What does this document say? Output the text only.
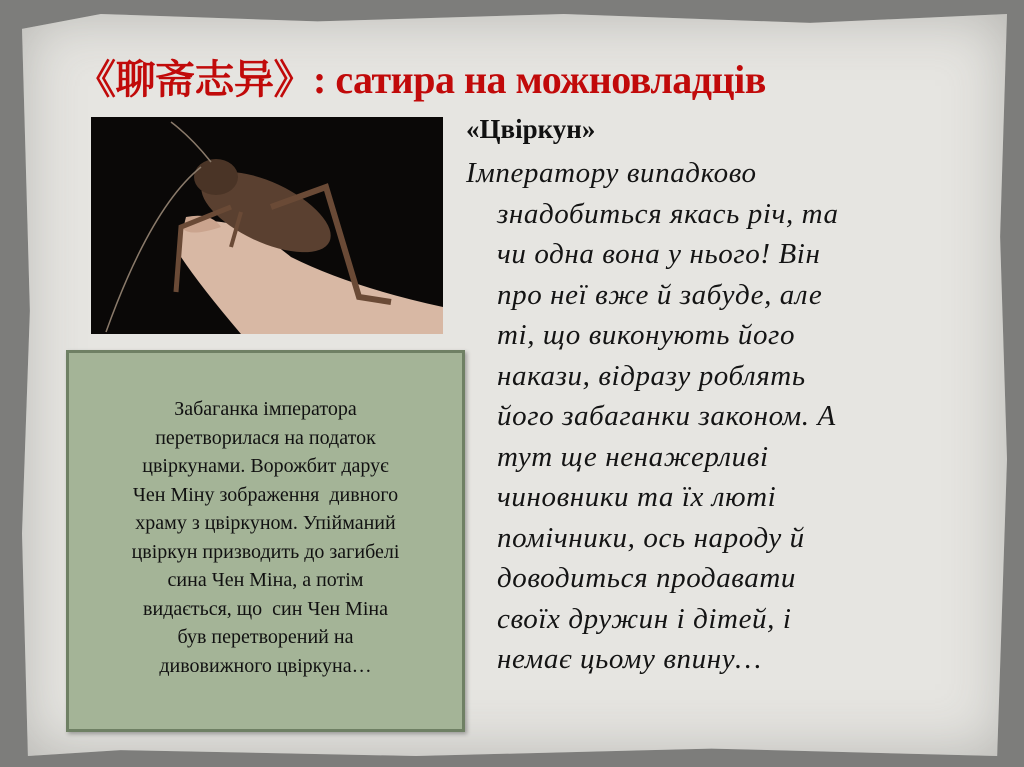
《聊斋志异》: сатира на можновладців
Забаганка імператора
перетворилася на податок
цвіркунами. Ворожбит дарує
Чен Міну зображення  дивного
храму з цвіркуном. Упійманий
цвіркун призводить до загибелі
сина Чен Міна, а потім
видається, що  син Чен Міна
був перетворений на
дивовижного цвіркуна…
«Цвіркун»
Імператору випадково
знадобиться якась річ, та
чи одна вона у нього! Він
про неї вже й забуде, але
ті, що виконують його
накази, відразу роблять
його забаганки законом. А
тут ще ненажерливі
чиновники та їх люті
помічники, ось народу й
доводиться продавати
своїх дружин і дітей, і
немає цьому впину…
